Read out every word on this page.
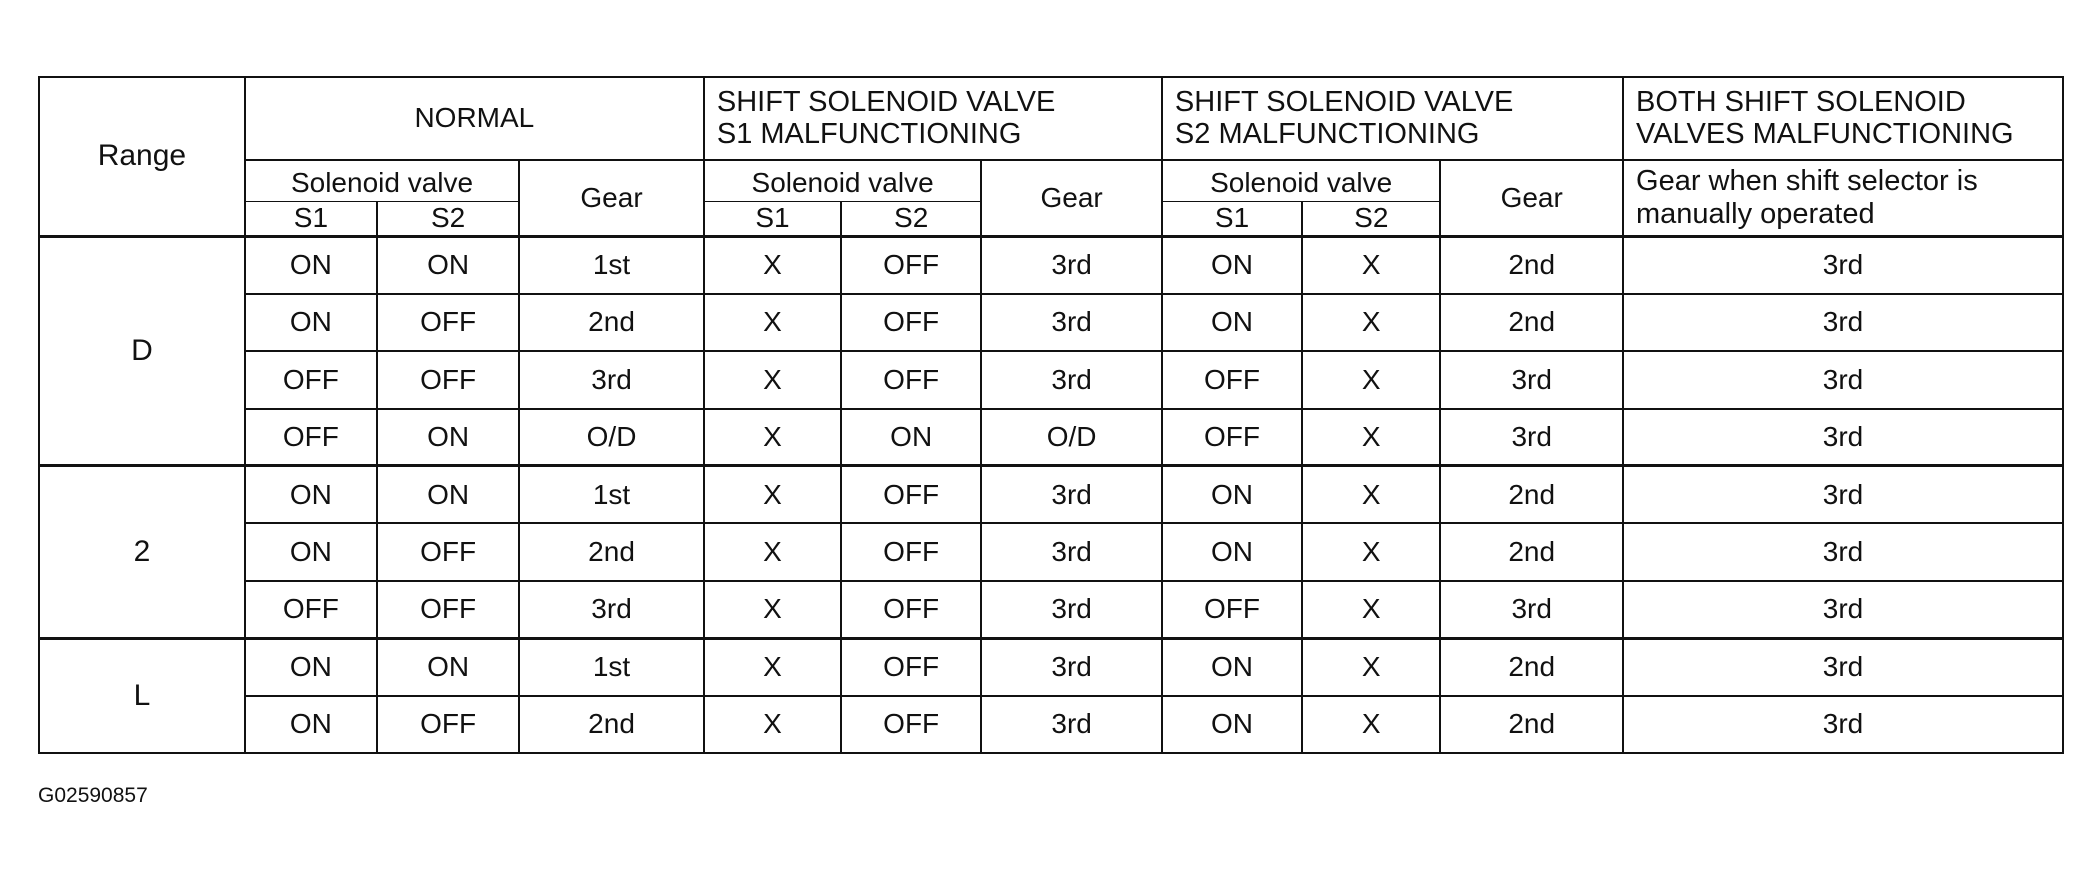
Range	NORMAL			SHIFT SOLENOID VALVE
S1 MALFUNCTIONING			SHIFT SOLENOID VALVE
S2 MALFUNCTIONING			BOTH SHIFT SOLENOID
VALVES MALFUNCTIONING

	Solenoid valve		Gear	Solenoid valve		Gear	Solenoid valve		Gear	Gear when shift selector is
manually operated

	S1	S2		S1	S2		S1	S2		
D	ON	ON	1st	X	OFF	3rd	ON	X	2nd	3rd
	ON	OFF	2nd	X	OFF	3rd	ON	X	2nd	3rd
	OFF	OFF	3rd	X	OFF	3rd	OFF	X	3rd	3rd
	OFF	ON	O/D	X	ON	O/D	OFF	X	3rd	3rd
2	ON	ON	1st	X	OFF	3rd	ON	X	2nd	3rd
	ON	OFF	2nd	X	OFF	3rd	ON	X	2nd	3rd
	OFF	OFF	3rd	X	OFF	3rd	OFF	X	3rd	3rd
L	ON	ON	1st	X	OFF	3rd	ON	X	2nd	3rd
	ON	OFF	2nd	X	OFF	3rd	ON	X	2nd	3rd
G02590857
